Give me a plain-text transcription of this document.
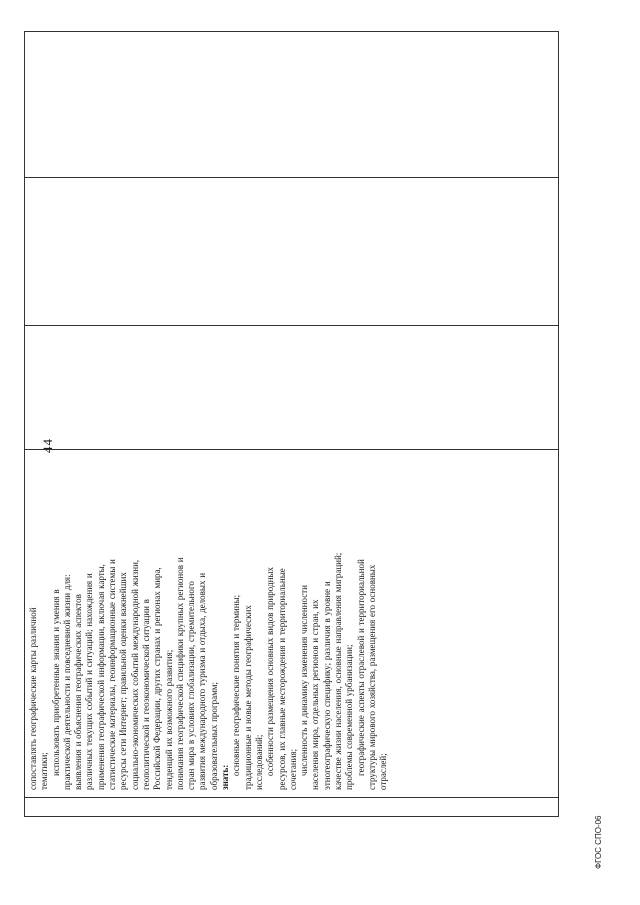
44
сопоставлять географические карты различной тематики; использовать приобретенные знания и умения в практической деятельности и повседневной жизни для: выявления и объяснения географических аспектов различных текущих событий и ситуаций; нахождения и применения географической информации, включая карты, статистические материалы, геоинформационные системы и ресурсы сети Интернет; правильной оценки важнейших социально-экономических событий международной жизни, геополитической и геоэкономической ситуации в Российской Федерации, других странах и регионах мира, тенденций их возможного развития; понимания географической специфики крупных регионов и стран мира в условиях глобализации, стремительного развития международного туризма и отдыха, деловых и образовательных программ; знать:
основные географические понятия и термины; традиционные и новые методы географических исследований; особенности размещения основных видов природных ресурсов, их главные месторождения и территориальные сочетания; численность и динамику изменения численности населения мира, отдельных регионов и стран, их этногеографическую специфику; различия в уровне и качестве жизни населения, основные направления миграций; проблемы современной урбанизации; географические аспекты отраслевой и территориальной структуры мирового хозяйства, размещения его основных отраслей;
ФГОС СПО-06
